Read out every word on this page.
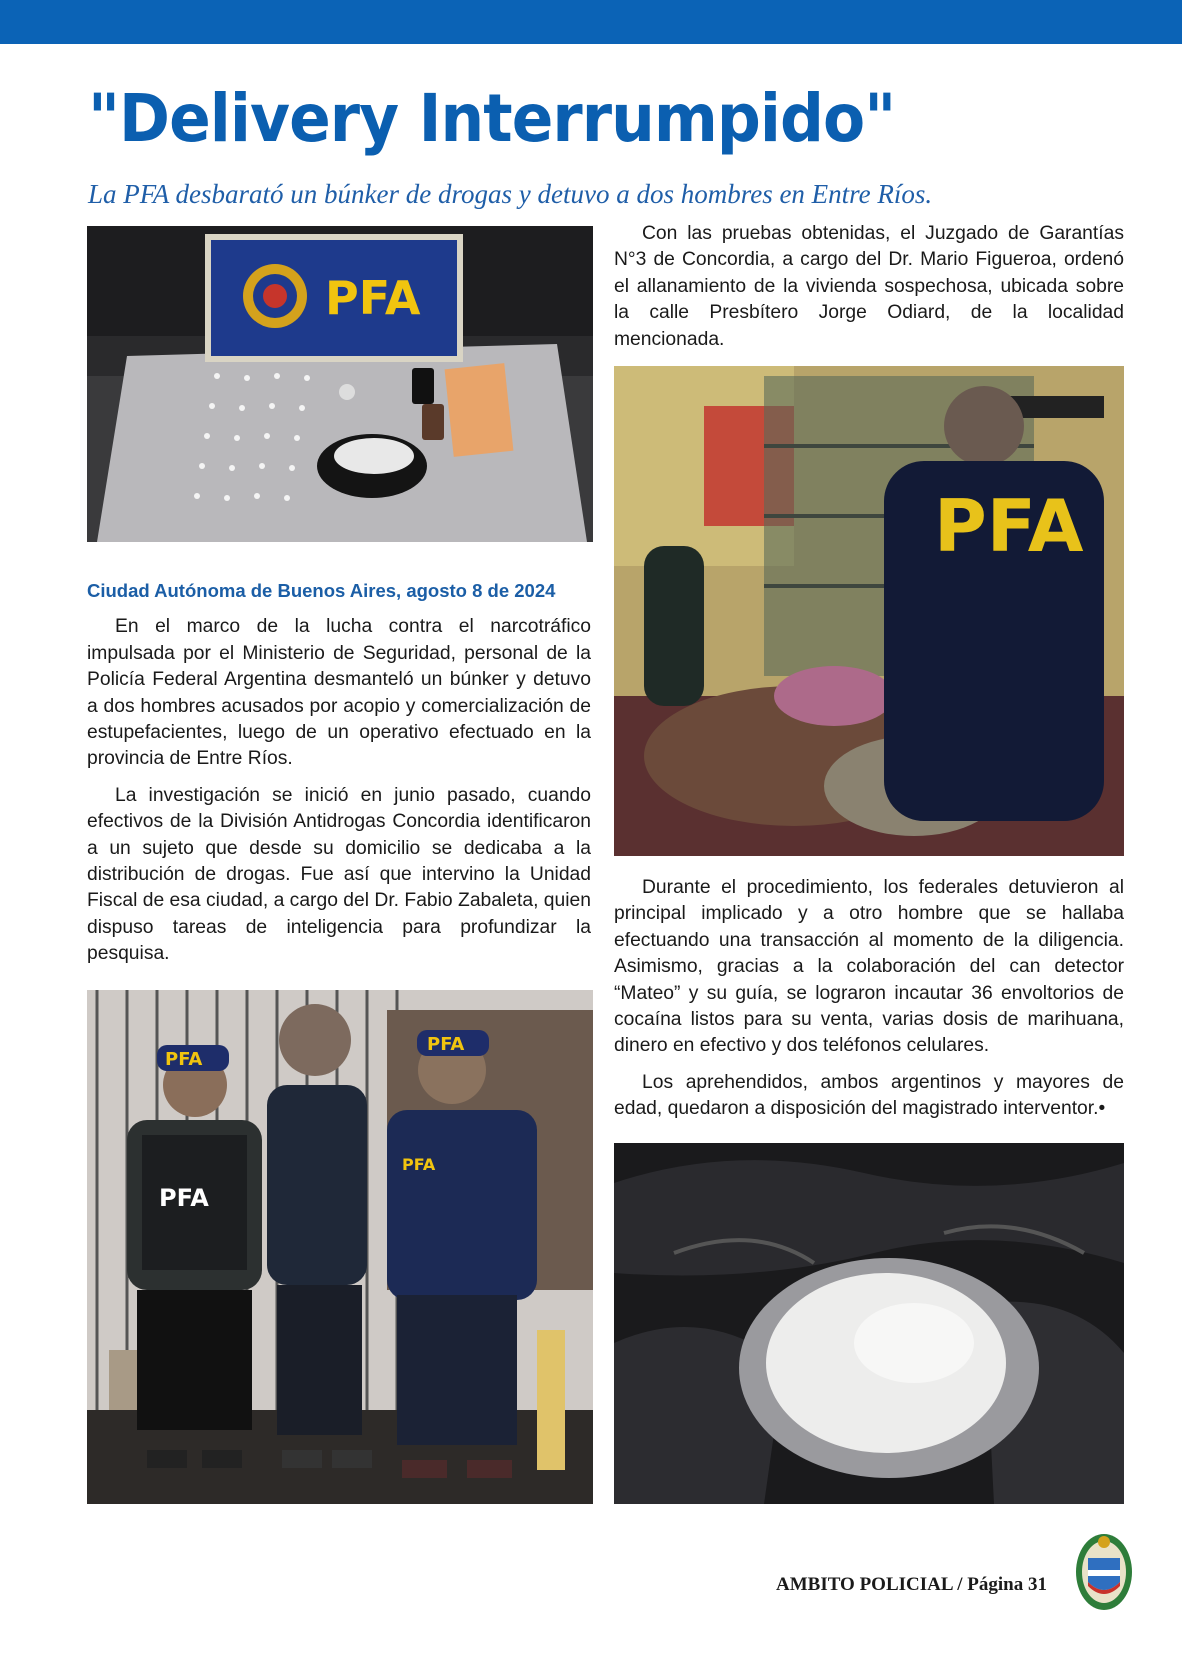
"Delivery Interrumpido"

La PFA desbarató un búnker de drogas y detuvo a dos hombres en Entre Ríos.

PFA

Ciudad Autónoma de Buenos Aires, agosto 8 de 2024

En el marco de la lucha contra el narcotráfico impulsada por el Ministerio de Seguridad, personal de la Policía Federal Argentina desmanteló un búnker y detuvo a dos hombres acusados por acopio y comercialización de estupefacientes, luego de un operativo efectuado en la provincia de Entre Ríos.

La investigación se inició en junio pasado, cuando efectivos de la División Antidrogas Concordia identificaron a un sujeto que desde su domicilio se dedicaba a la distribución de drogas. Fue así que intervino la Unidad Fiscal de esa ciudad, a cargo del Dr. Fabio Zabaleta, quien dispuso tareas de inteligencia para profundizar la pesquisa.

PFA
PFA
PFA
PFA

Con las pruebas obtenidas, el Juzgado de Garantías N°3 de Concordia, a cargo del Dr. Mario Figueroa, ordenó el allanamiento de la vivienda sospechosa, ubicada sobre la calle Presbítero Jorge Odiard, de la localidad mencionada.

PFA

Durante el procedimiento, los federales detuvieron al principal implicado y a otro hombre que se hallaba efectuando una transacción al momento de la diligencia. Asimismo, gracias a la colaboración del can detector “Mateo” y su guía, se lograron incautar 36 envoltorios de cocaína listos para su venta, varias dosis de marihuana, dinero en efectivo y dos teléfonos celulares.

Los aprehendidos, ambos argentinos y mayores de edad, quedaron a disposición del magistrado interventor.•

AMBITO POLICIAL / Página 31
